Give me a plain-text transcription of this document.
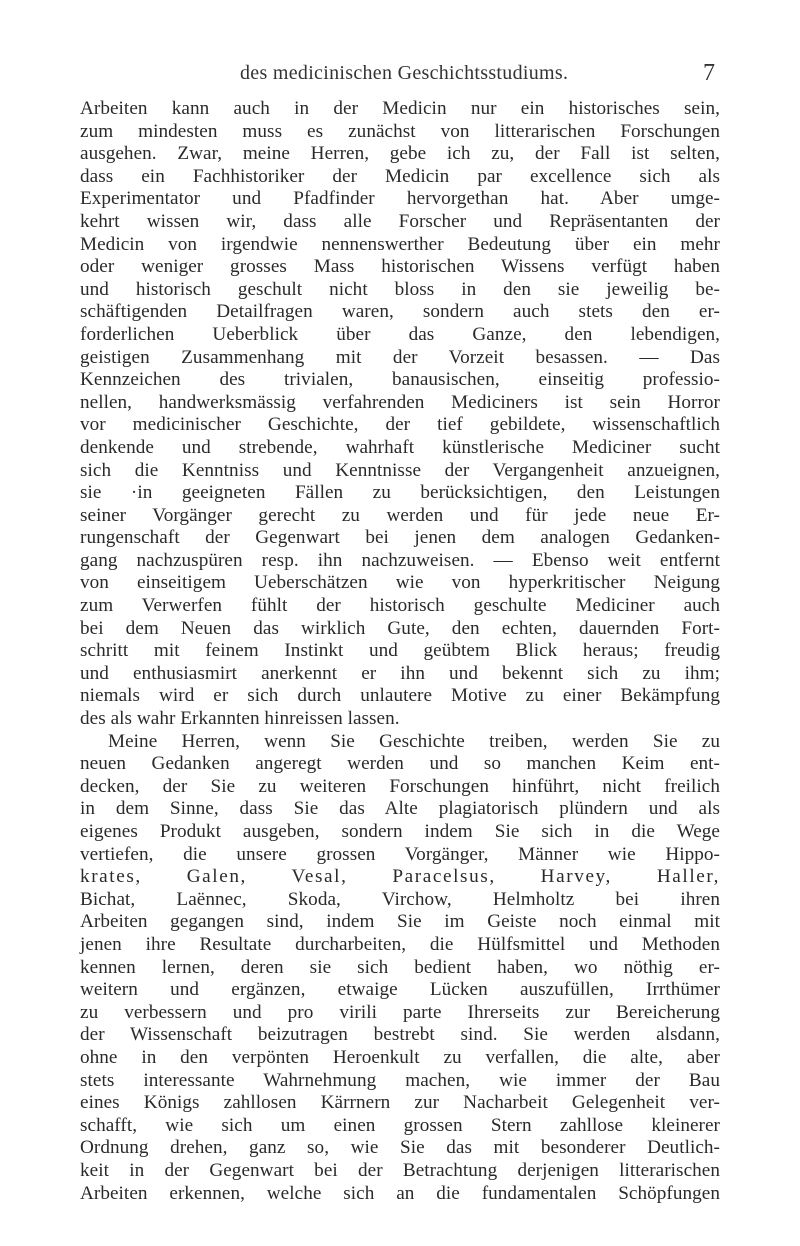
des medicinischen Geschichtsstudiums.	7
Arbeiten kann auch in der Medicin nur ein historisches sein,
zum mindesten muss es zunächst von litterarischen Forschungen
ausgehen. Zwar, meine Herren, gebe ich zu, der Fall ist selten,
dass ein Fachhistoriker der Medicin par excellence sich als
Experimentator und Pfadfinder hervorgethan hat. Aber umge-
kehrt wissen wir, dass alle Forscher und Repräsentanten der
Medicin von irgendwie nennenswerther Bedeutung über ein mehr
oder weniger grosses Mass historischen Wissens verfügt haben
und historisch geschult nicht bloss in den sie jeweilig be-
schäftigenden Detailfragen waren, sondern auch stets den er-
forderlichen Ueberblick über das Ganze, den lebendigen,
geistigen Zusammenhang mit der Vorzeit besassen. — Das
Kennzeichen des trivialen, banausischen, einseitig professio-
nellen, handwerksmässig verfahrenden Mediciners ist sein Horror
vor medicinischer Geschichte, der tief gebildete, wissenschaftlich
denkende und strebende, wahrhaft künstlerische Mediciner sucht
sich die Kenntniss und Kenntnisse der Vergangenheit anzueignen,
sie ·in geeigneten Fällen zu berücksichtigen, den Leistungen
seiner Vorgänger gerecht zu werden und für jede neue Er-
rungenschaft der Gegenwart bei jenen dem analogen Gedanken-
gang nachzuspüren resp. ihn nachzuweisen. — Ebenso weit entfernt
von einseitigem Ueberschätzen wie von hyperkritischer Neigung
zum Verwerfen fühlt der historisch geschulte Mediciner auch
bei dem Neuen das wirklich Gute, den echten, dauernden Fort-
schritt mit feinem Instinkt und geübtem Blick heraus; freudig
und enthusiasmirt anerkennt er ihn und bekennt sich zu ihm;
niemals wird er sich durch unlautere Motive zu einer Bekämpfung
des als wahr Erkannten hinreissen lassen.
Meine Herren, wenn Sie Geschichte treiben, werden Sie zu
neuen Gedanken angeregt werden und so manchen Keim ent-
decken, der Sie zu weiteren Forschungen hinführt, nicht freilich
in dem Sinne, dass Sie das Alte plagiatorisch plündern und als
eigenes Produkt ausgeben, sondern indem Sie sich in die Wege
vertiefen, die unsere grossen Vorgänger, Männer wie Hippo-
krates, Galen, Vesal, Paracelsus, Harvey, Haller,
Bichat, Laënnec, Skoda, Virchow, Helmholtz bei ihren
Arbeiten gegangen sind, indem Sie im Geiste noch einmal mit
jenen ihre Resultate durcharbeiten, die Hülfsmittel und Methoden
kennen lernen, deren sie sich bedient haben, wo nöthig er-
weitern und ergänzen, etwaige Lücken auszufüllen, Irrthümer
zu verbessern und pro virili parte Ihrerseits zur Bereicherung
der Wissenschaft beizutragen bestrebt sind. Sie werden alsdann,
ohne in den verpönten Heroenkult zu verfallen, die alte, aber
stets interessante Wahrnehmung machen, wie immer der Bau
eines Königs zahllosen Kärrnern zur Nacharbeit Gelegenheit ver-
schafft, wie sich um einen grossen Stern zahllose kleinerer
Ordnung drehen, ganz so, wie Sie das mit besonderer Deutlich-
keit in der Gegenwart bei der Betrachtung derjenigen litterarischen
Arbeiten erkennen, welche sich an die fundamentalen Schöpfungen
